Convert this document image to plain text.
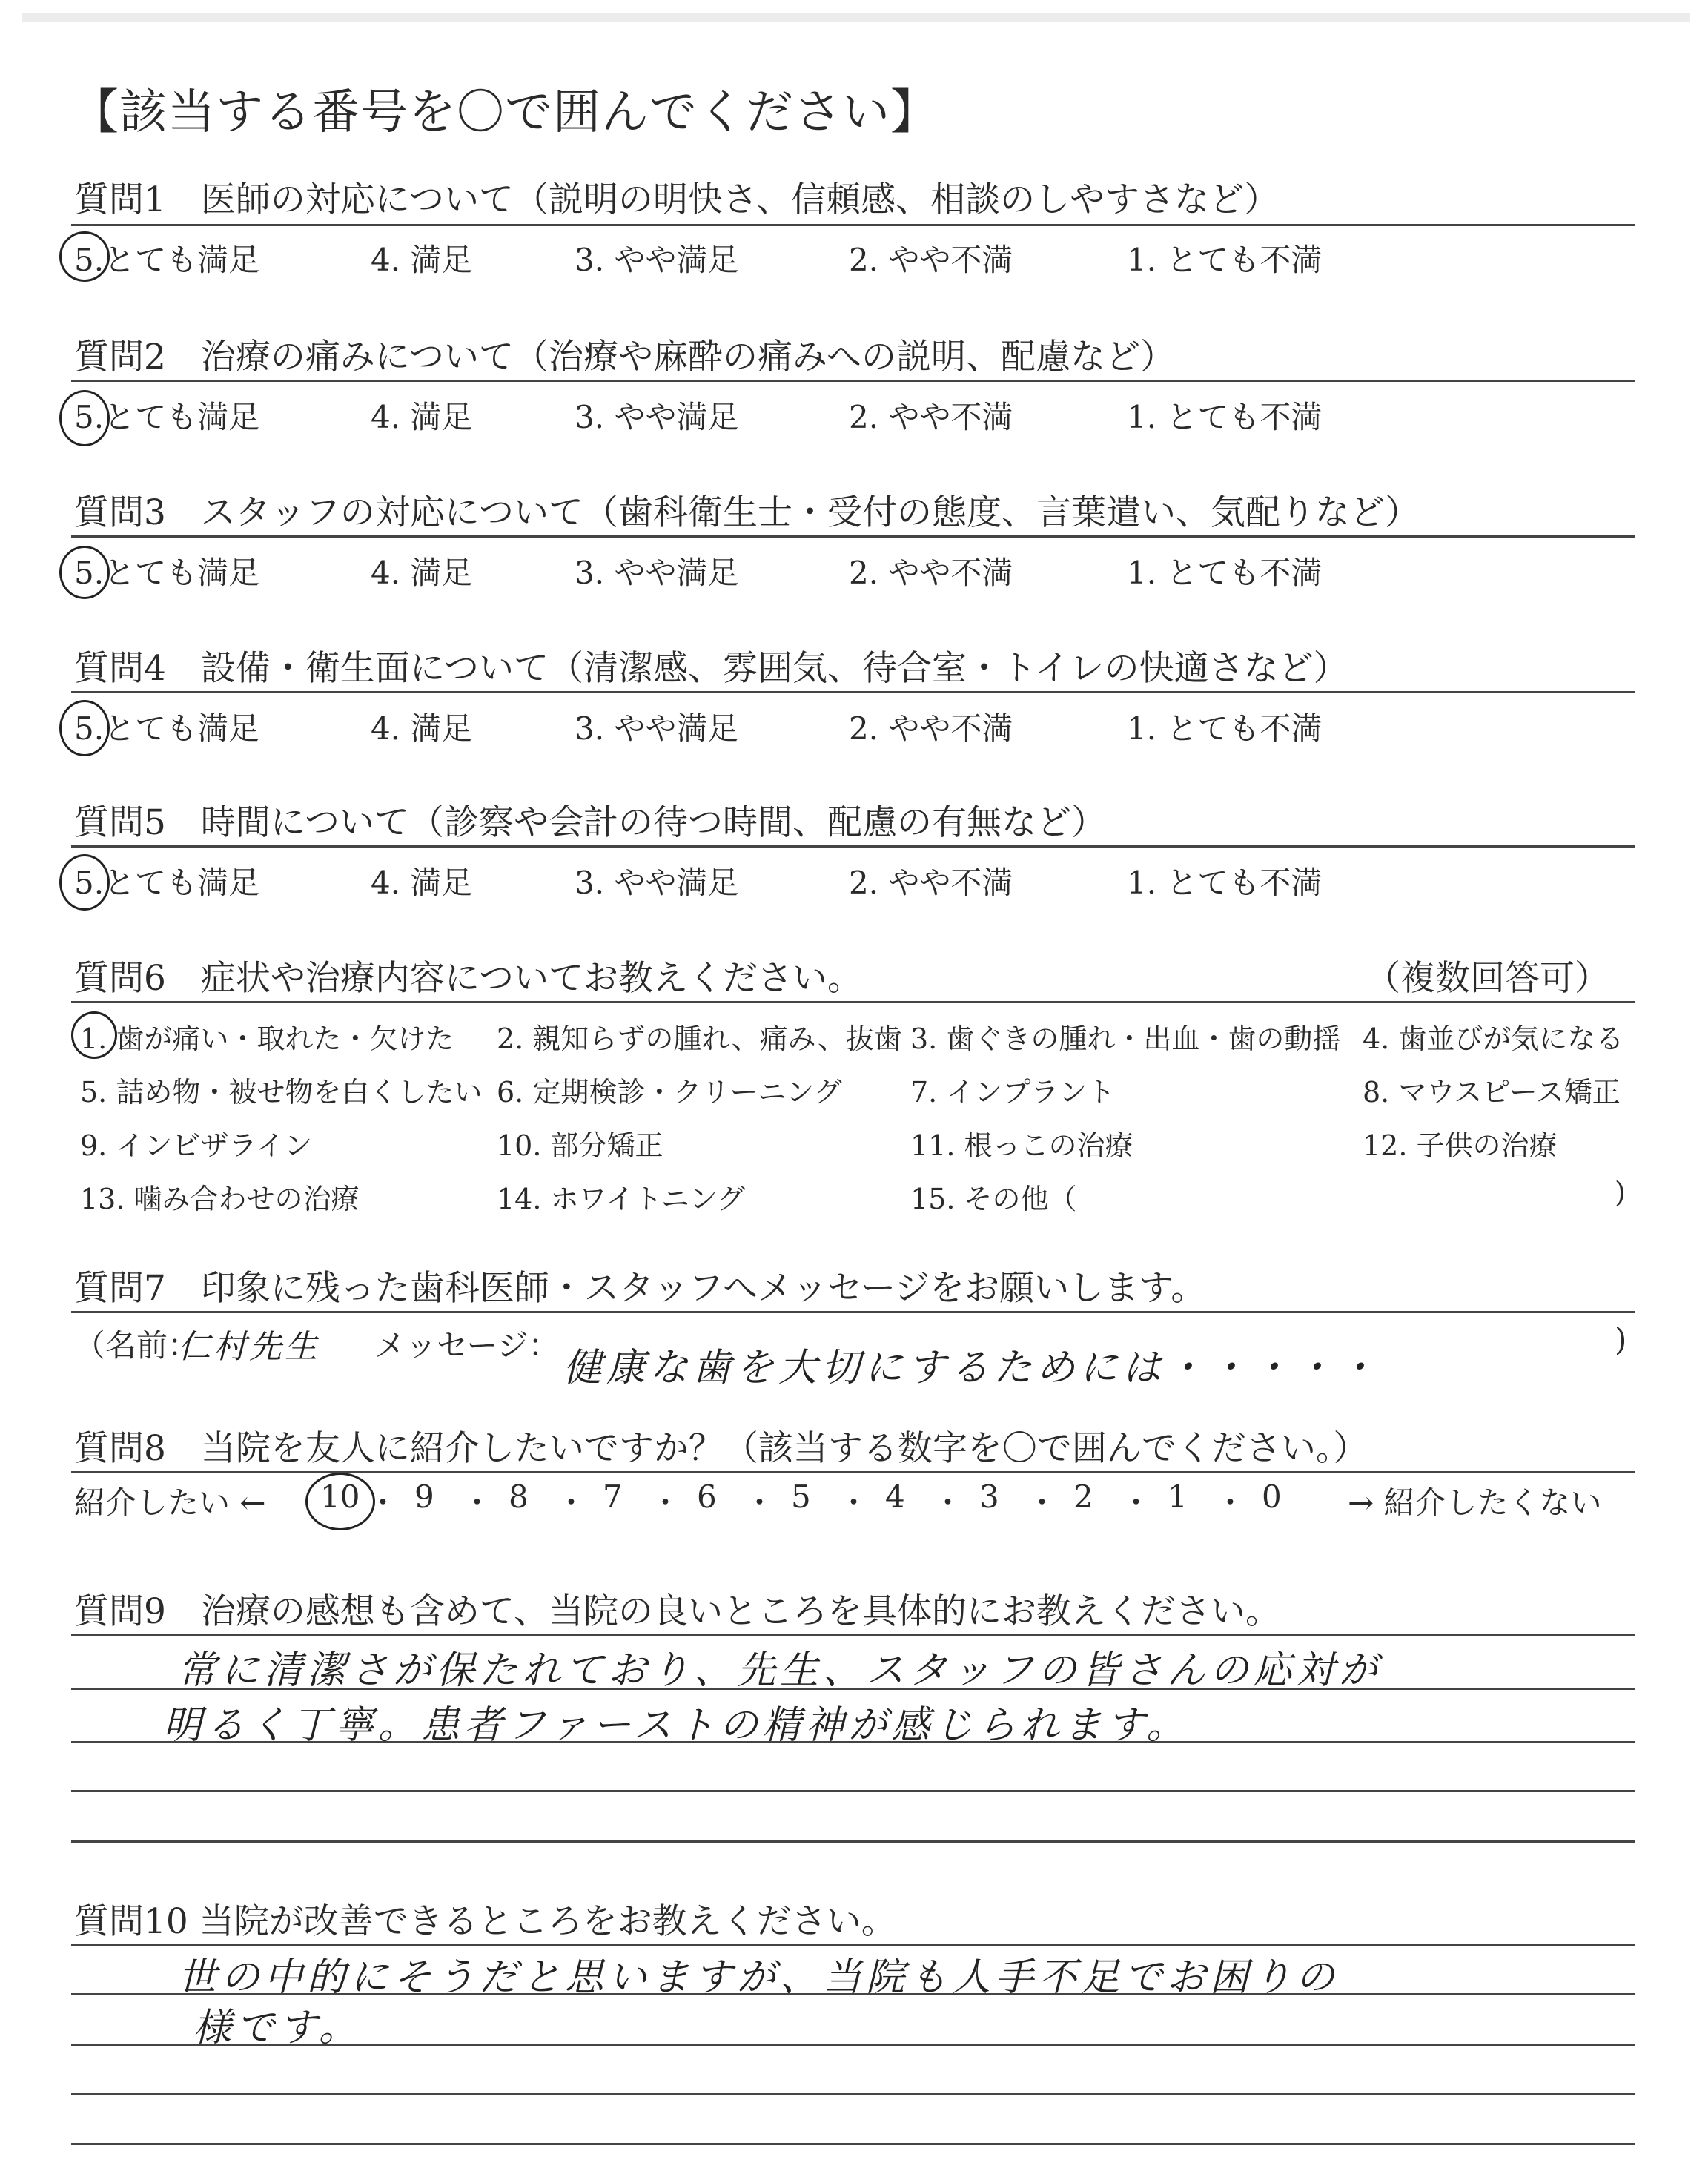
【該当する番号を〇で囲んでください】
質問1　医師の対応について（説明の明快さ、信頼感、相談のしやすさなど）
5.とても満足	4. 満足	3. やや満足	2. やや不満	1. とても不満
質問2　治療の痛みについて（治療や麻酔の痛みへの説明、配慮など）
5.とても満足	4. 満足	3. やや満足	2. やや不満	1. とても不満
質問3　スタッフの対応について（歯科衛生士・受付の態度、言葉遣い、気配りなど）
5.とても満足	4. 満足	3. やや満足	2. やや不満	1. とても不満
質問4　設備・衛生面について（清潔感、雰囲気、待合室・トイレの快適さなど）
5.とても満足	4. 満足	3. やや満足	2. やや不満	1. とても不満
質問5　時間について（診察や会計の待つ時間、配慮の有無など）
5.とても満足	4. 満足	3. やや満足	2. やや不満	1. とても不満
質問6　症状や治療内容についてお教えください。	（複数回答可）
1. 歯が痛い・取れた・欠けた 2. 親知らずの腫れ、痛み、抜歯 3. 歯ぐきの腫れ・出血・歯の動揺 4. 歯並びが気になる
5. 詰め物・被せ物を白くしたい 6. 定期検診・クリーニング 7. インプラント	8. マウスピース矯正
9. インビザライン	10. 部分矯正	11. 根っこの治療	12. 子供の治療
13. 噛み合わせの治療	14. ホワイトニング	15. その他（	)
質問7　印象に残った歯科医師・スタッフへメッセージをお願いします。
（名前：
仁村先生 メッセージ：
健康な歯を大切にするためには・・・・・
)
質問8　当院を友人に紹介したいですか？（該当する数字を〇で囲んでください。）
紹介したい ←	→ 紹介したくない
10 ・ 9 ・ 8 ・ 7 ・ 6 ・ 5 ・ 4 ・ 3 ・ 2 ・ 1 ・ 0
質問9　治療の感想も含めて、当院の良いところを具体的にお教えください。
常に清潔さが保たれており、先生、スタッフの皆さんの応対が
明るく丁寧。患者ファーストの精神が感じられます。
質問10 当院が改善できるところをお教えください。
世の中的にそうだと思いますが、当院も人手不足でお困りの
様です。
